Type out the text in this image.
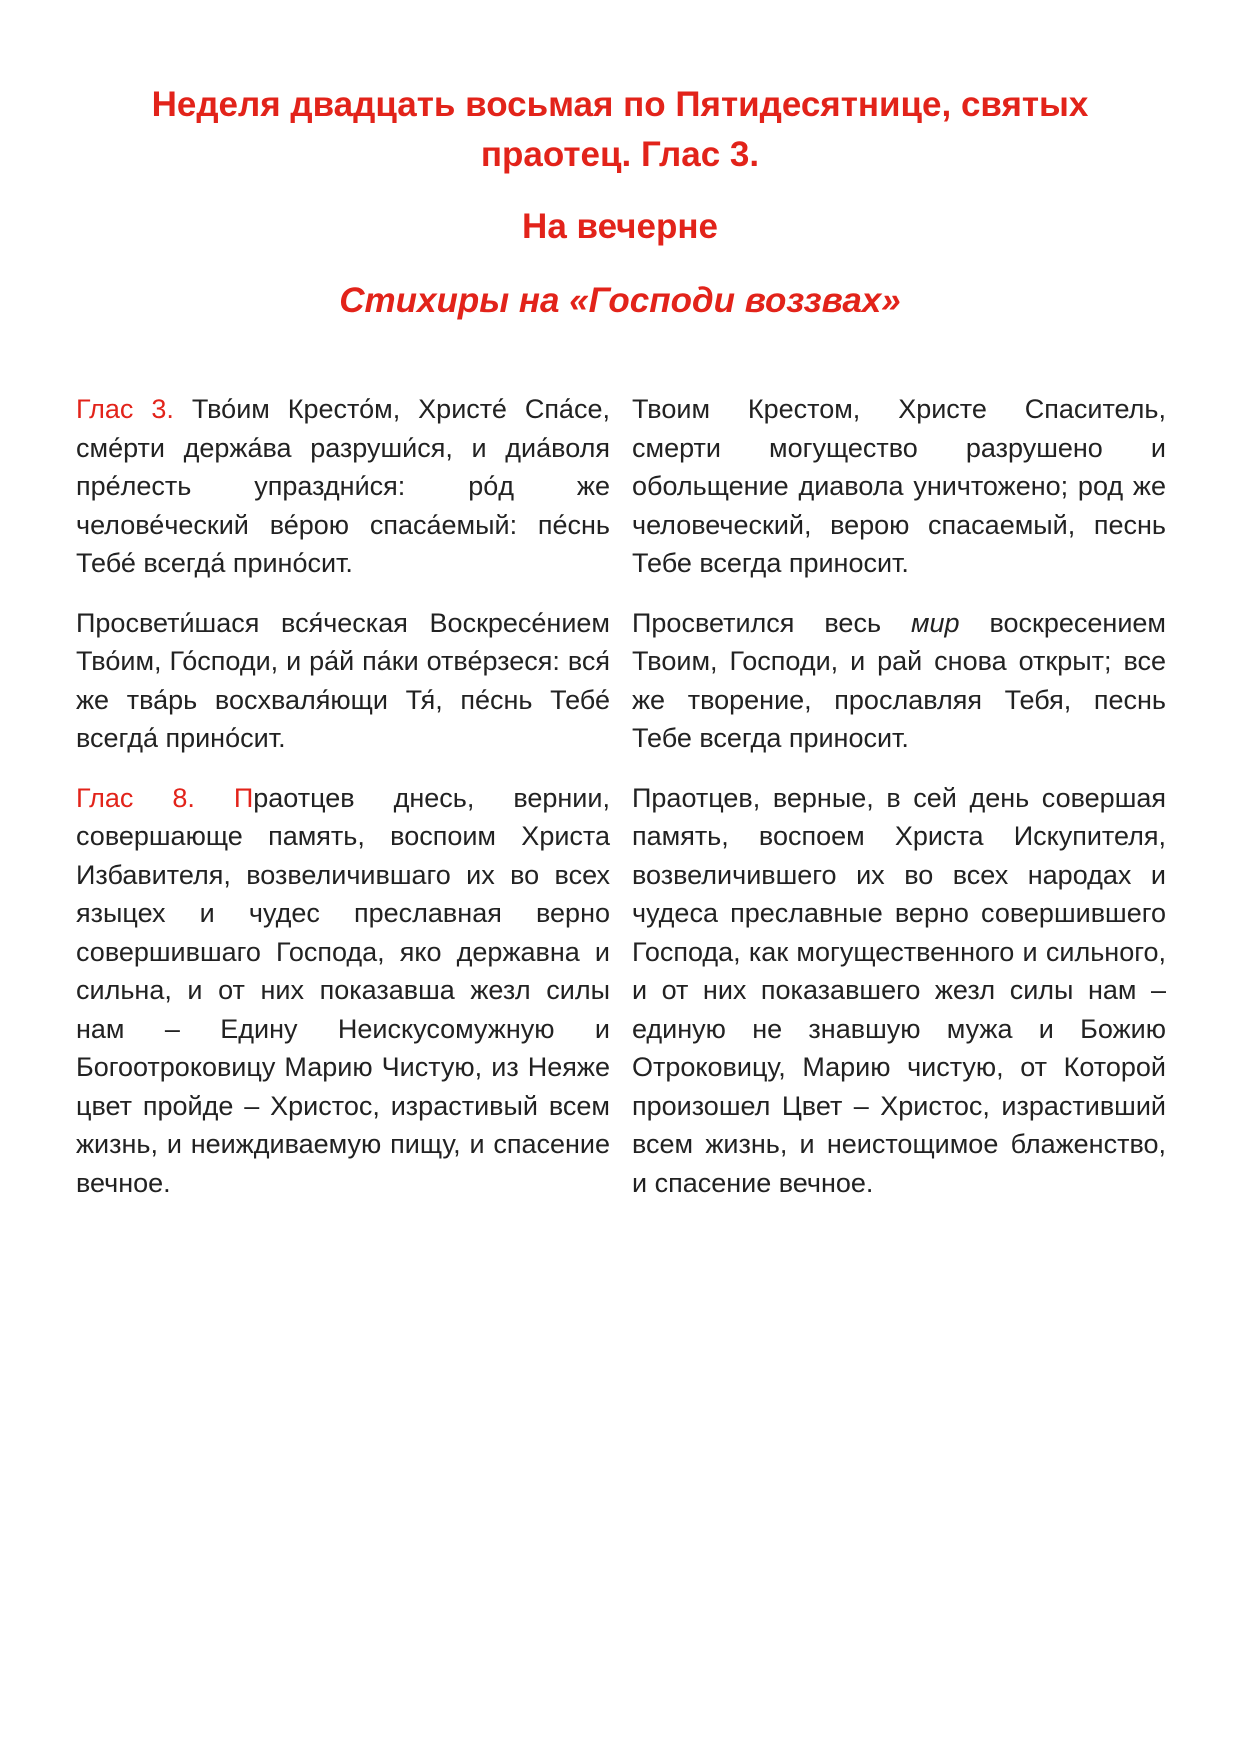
Неделя двадцать восьмая по Пятидесятнице, святых праотец. Глас 3.
На вечерне
Стихиры на «Господи воззвах»
Глас 3. Тво́им Кресто́м, Христе́ Спа́се, сме́рти держа́ва разруши́ся, и диа́воля пре́лесть упраздни́ся: ро́д же челове́ческий ве́рою спаса́емый: пе́снь Тебе́ всегда́ прино́сит.
Твоим Крестом, Христе Спаситель, смерти могущество разрушено и обольщение диавола уничтожено; род же человеческий, верою спасаемый, песнь Тебе всегда приносит.
Просвети́шася вся́ческая Воскресе́нием Тво́им, Го́споди, и ра́й па́ки отве́рзеся: вся́ же тва́рь восхваля́ющи Тя́, пе́снь Тебе́ всегда́ прино́сит.
Просветился весь мир воскресением Твоим, Господи, и рай снова открыт; все же творение, прославляя Тебя, песнь Тебе всегда приносит.
Глас 8. Праотцев днесь, вернии, совершающе память, воспоим Христа Избавителя, возвеличившаго их во всех языцех и чудес преславная верно совершившаго Господа, яко державна и сильна, и от них показавша жезл силы нам – Едину Неискусомужную и Богоотроковицу Марию Чистую, из Неяже цвет пройде – Христос, израстивый всем жизнь, и неиждиваемую пищу, и спасение вечное.
Праотцев, верные, в сей день совершая память, воспоем Христа Искупителя, возвеличившего их во всех народах и чудеса преславные верно совершившего Господа, как могущественного и сильного, и от них показавшего жезл силы нам – единую не знавшую мужа и Божию Отроковицу, Марию чистую, от Которой произошел Цвет – Христос, израстивший всем жизнь, и неистощимое блаженство, и спасение вечное.
